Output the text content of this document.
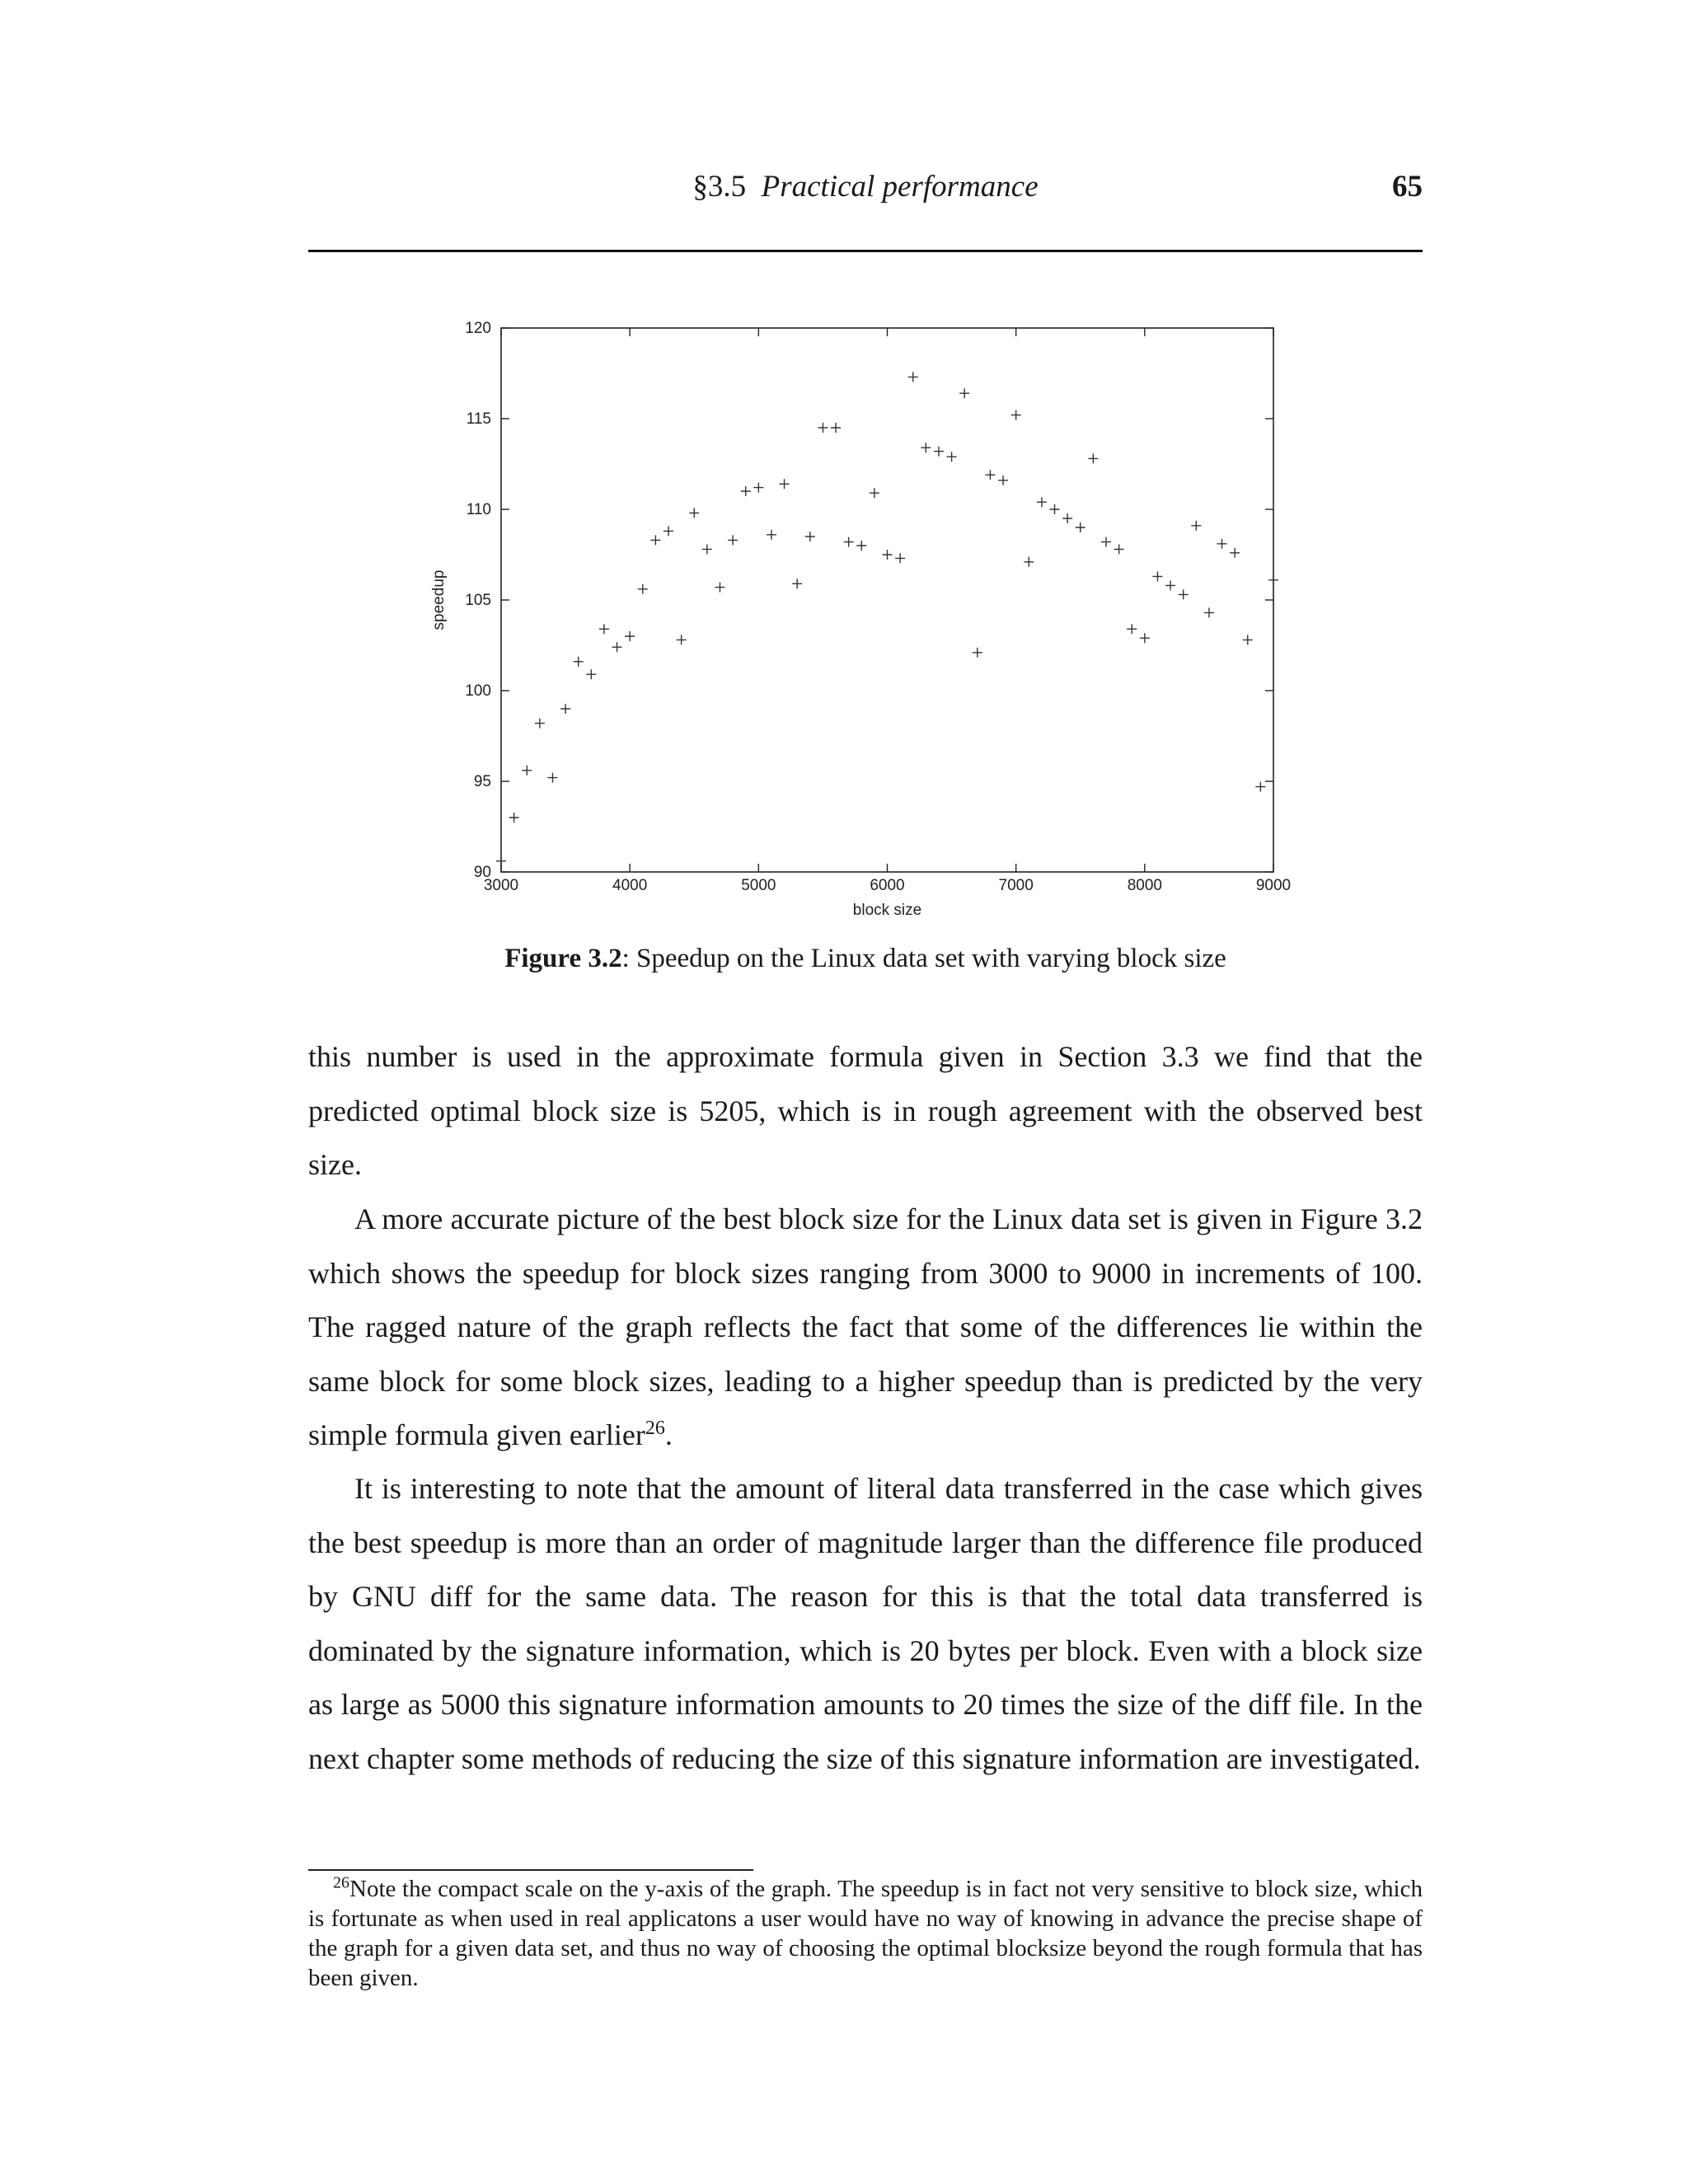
§3.5 Practical performance	65
3000	4000	5000	6000	7000	8000	9000
90
95
100
105
110
115
120
block size
speedup
Figure 3.2: Speedup on the Linux data set with varying block size

this number is used in the approximate formula given in Section 3.3 we find that the predicted optimal block size is 5205, which is in rough agreement with the observed best size.

A more accurate picture of the best block size for the Linux data set is given in Figure 3.2 which shows the speedup for block sizes ranging from 3000 to 9000 in increments of 100. The ragged nature of the graph reflects the fact that some of the differences lie within the same block for some block sizes, leading to a higher speedup than is predicted by the very simple formula given earlier$^{26}$.

It is interesting to note that the amount of literal data transferred in the case which gives the best speedup is more than an order of magnitude larger than the difference file produced by GNU diff for the same data. The reason for this is that the total data transferred is dominated by the signature information, which is 20 bytes per block. Even with a block size as large as 5000 this signature information amounts to 20 times the size of the diff file. In the next chapter some methods of reducing the size of this signature information are investigated.

$^{26}$Note the compact scale on the y-axis of the graph. The speedup is in fact not very sensitive to block size, which is fortunate as when used in real applicatons a user would have no way of knowing in advance the precise shape of the graph for a given data set, and thus no way of choosing the optimal blocksize beyond the rough formula that has been given.
